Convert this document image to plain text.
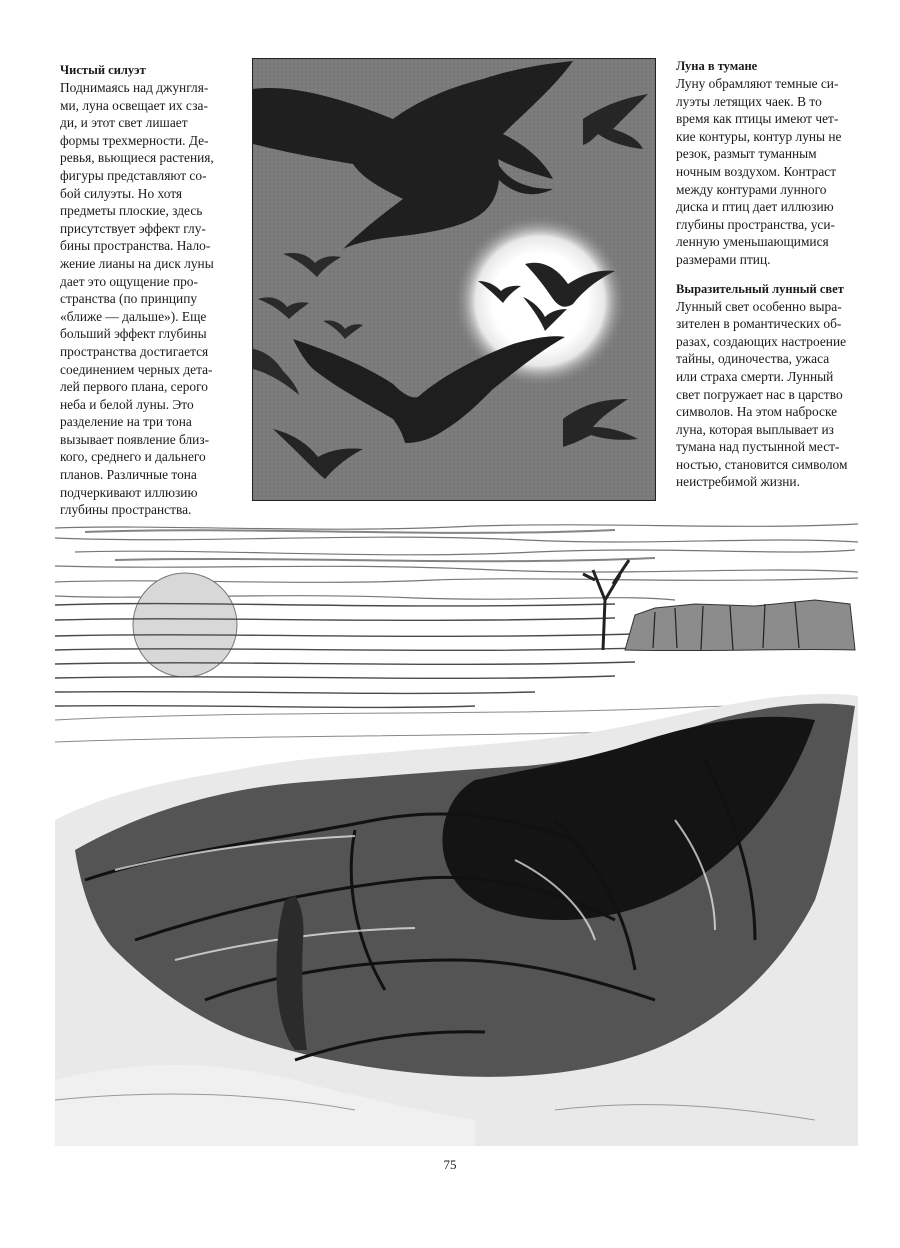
Чистый силуэт

Поднимаясь над джунгля-
ми, луна освещает их сза-
ди, и этот свет лишает
формы трехмерности. Де-
ревья, вьющиеся растения,
фигуры представляют со-
бой силуэты. Но хотя
предметы плоские, здесь
присутствует эффект глу-
бины пространства. Нало-
жение лианы на диск луны
дает это ощущение про-
странства (по принципу
«ближе — дальше»). Еще
больший эффект глубины
пространства достигается
соединением черных дета-
лей первого плана, серого
неба и белой луны. Это
разделение на три тона
вызывает появление близ-
кого, среднего и дальнего
планов. Различные тона
подчеркивают иллюзию
глубины пространства.

Луна в тумане

Луну обрамляют темные си-
луэты летящих чаек. В то
время как птицы имеют чет-
кие контуры, контур луны не
резок, размыт туманным
ночным воздухом. Контраст
между контурами лунного
диска и птиц дает иллюзию
глубины пространства, уси-
ленную уменьшающимися
размерами птиц.

Выразительный лунный свет

Лунный свет особенно выра-
зителен в романтических об-
разах, создающих настроение
тайны, одиночества, ужаса
или страха смерти. Лунный
свет погружает нас в царство
символов. На этом наброске
луна, которая выплывает из
тумана над пустынной мест-
ностью, становится символом
неистребимой жизни.

75
